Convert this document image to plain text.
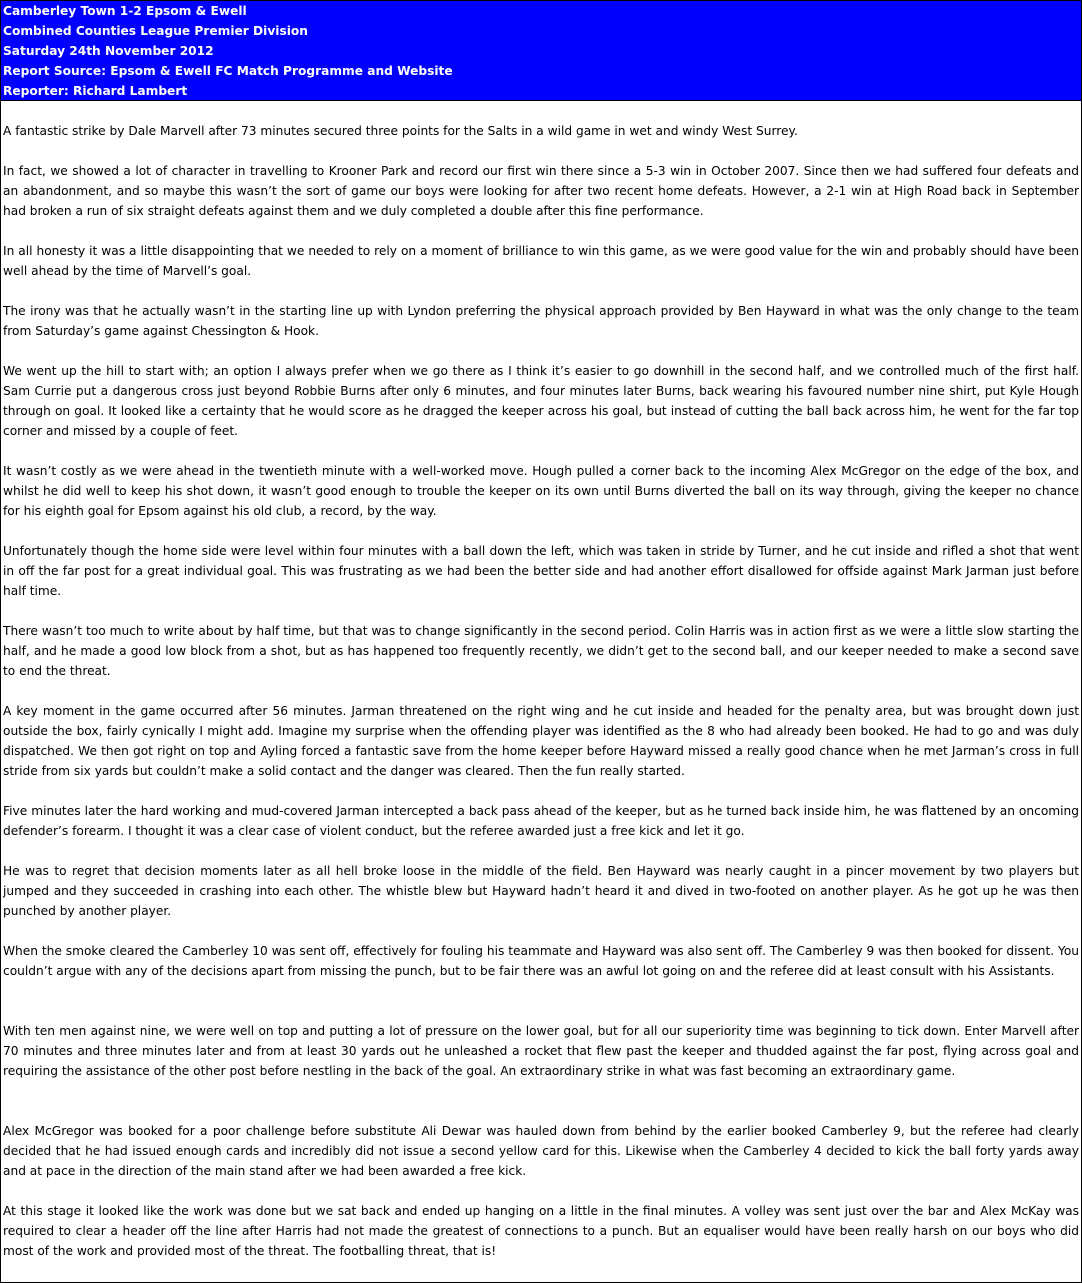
Camberley Town 1-2 Epsom & Ewell
Combined Counties League Premier Division
Saturday 24th November 2012
Report Source: Epsom & Ewell FC Match Programme and Website
Reporter: Richard Lambert

A fantastic strike by Dale Marvell after 73 minutes secured three points for the Salts in a wild game in wet and windy West Surrey.

In fact, we showed a lot of character in travelling to Krooner Park and record our first win there since a 5-3 win in October 2007. Since then we had suffered four defeats and an abandonment, and so maybe this wasn’t the sort of game our boys were looking for after two recent home defeats. However, a 2-1 win at High Road back in September had broken a run of six straight defeats against them and we duly completed a double after this fine performance.

In all honesty it was a little disappointing that we needed to rely on a moment of brilliance to win this game, as we were good value for the win and probably should have been well ahead by the time of Marvell’s goal.

The irony was that he actually wasn’t in the starting line up with Lyndon preferring the physical approach provided by Ben Hayward in what was the only change to the team from Saturday’s game against Chessington & Hook.

We went up the hill to start with; an option I always prefer when we go there as I think it’s easier to go downhill in the second half, and we controlled much of the first half. Sam Currie put a dangerous cross just beyond Robbie Burns after only 6 minutes, and four minutes later Burns, back wearing his favoured number nine shirt, put Kyle Hough through on goal. It looked like a certainty that he would score as he dragged the keeper across his goal, but instead of cutting the ball back across him, he went for the far top corner and missed by a couple of feet.

It wasn’t costly as we were ahead in the twentieth minute with a well-worked move. Hough pulled a corner back to the incoming Alex McGregor on the edge of the box, and whilst he did well to keep his shot down, it wasn’t good enough to trouble the keeper on its own until Burns diverted the ball on its way through, giving the keeper no chance for his eighth goal for Epsom against his old club, a record, by the way.

Unfortunately though the home side were level within four minutes with a ball down the left, which was taken in stride by Turner, and he cut inside and rifled a shot that went in off the far post for a great individual goal. This was frustrating as we had been the better side and had another effort disallowed for offside against Mark Jarman just before half time.

There wasn’t too much to write about by half time, but that was to change significantly in the second period. Colin Harris was in action first as we were a little slow starting the half, and he made a good low block from a shot, but as has happened too frequently recently, we didn’t get to the second ball, and our keeper needed to make a second save to end the threat.

A key moment in the game occurred after 56 minutes. Jarman threatened on the right wing and he cut inside and headed for the penalty area, but was brought down just outside the box, fairly cynically I might add. Imagine my surprise when the offending player was identified as the 8 who had already been booked. He had to go and was duly dispatched. We then got right on top and Ayling forced a fantastic save from the home keeper before Hayward missed a really good chance when he met Jarman’s cross in full stride from six yards but couldn’t make a solid contact and the danger was cleared. Then the fun really started.

Five minutes later the hard working and mud-covered Jarman intercepted a back pass ahead of the keeper, but as he turned back inside him, he was flattened by an oncoming defender’s forearm. I thought it was a clear case of violent conduct, but the referee awarded just a free kick and let it go.

He was to regret that decision moments later as all hell broke loose in the middle of the field. Ben Hayward was nearly caught in a pincer movement by two players but jumped and they succeeded in crashing into each other. The whistle blew but Hayward hadn’t heard it and dived in two-footed on another player. As he got up he was then punched by another player.

When the smoke cleared the Camberley 10 was sent off, effectively for fouling his teammate and Hayward was also sent off. The Camberley 9 was then booked for dissent. You couldn’t argue with any of the decisions apart from missing the punch, but to be fair there was an awful lot going on and the referee did at least consult with his Assistants.

With ten men against nine, we were well on top and putting a lot of pressure on the lower goal, but for all our superiority time was beginning to tick down. Enter Marvell after 70 minutes and three minutes later and from at least 30 yards out he unleashed a rocket that flew past the keeper and thudded against the far post, flying across goal and requiring the assistance of the other post before nestling in the back of the goal. An extraordinary strike in what was fast becoming an extraordinary game.

Alex McGregor was booked for a poor challenge before substitute Ali Dewar was hauled down from behind by the earlier booked Camberley 9, but the referee had clearly decided that he had issued enough cards and incredibly did not issue a second yellow card for this. Likewise when the Camberley 4 decided to kick the ball forty yards away and at pace in the direction of the main stand after we had been awarded a free kick.

At this stage it looked like the work was done but we sat back and ended up hanging on a little in the final minutes. A volley was sent just over the bar and Alex McKay was required to clear a header off the line after Harris had not made the greatest of connections to a punch. But an equaliser would have been really harsh on our boys who did most of the work and provided most of the threat. The footballing threat, that is!
